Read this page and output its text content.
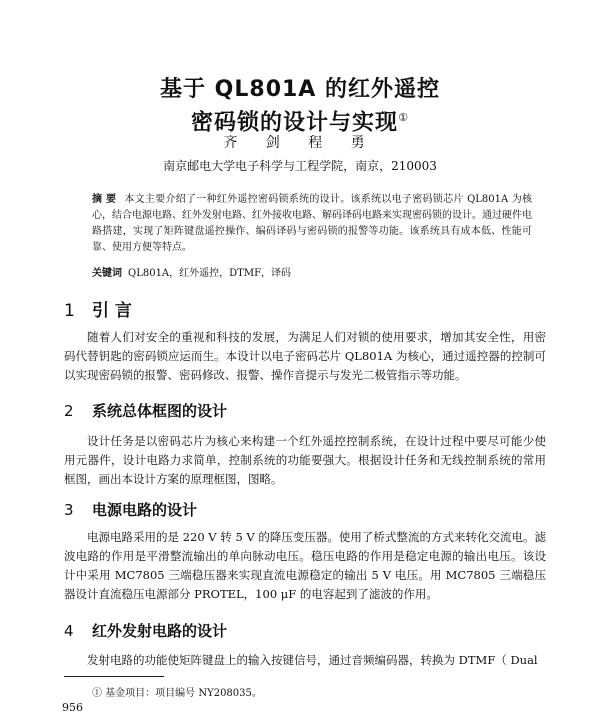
基于 QL801A 的红外遥控
密码锁的设计与实现①
齐 剑 程 勇
南京邮电大学电子科学与工程学院，南京，210003
摘 要 本文主要介绍了一种红外遥控密码锁系统的设计。该系统以电子密码锁芯片 QL801A 为核心，结合电源电路、红外发射电路、红外接收电路、解码译码电路来实现密码锁的设计。通过硬件电路搭建，实现了矩阵键盘遥控操作、编码译码与密码锁的报警等功能。该系统具有成本低、性能可靠、使用方便等特点。
关键词 QL801A，红外遥控，DTMF，译码
1 引 言
随着人们对安全的重视和科技的发展，为满足人们对锁的使用要求，增加其安全性，用密码代替钥匙的密码锁应运而生。本设计以电子密码芯片 QL801A 为核心，通过遥控器的控制可以实现密码锁的报警、密码修改、报警、操作音提示与发光二极管指示等功能。
2 系统总体框图的设计
设计任务是以密码芯片为核心来构建一个红外遥控控制系统，在设计过程中要尽可能少使用元器件，设计电路力求简单，控制系统的功能要强大。根据设计任务和无线控制系统的常用框图，画出本设计方案的原理框图，图略。
3 电源电路的设计
电源电路采用的是 220 V 转 5 V 的降压变压器。使用了桥式整流的方式来转化交流电。滤波电路的作用是平滑整流输出的单向脉动电压。稳压电路的作用是稳定电源的输出电压。该设计中采用 MC7805 三端稳压器来实现直流电源稳定的输出 5 V 电压。用 MC7805 三端稳压器设计直流稳压电源部分 PROTEL，100 μF 的电容起到了滤波的作用。
4 红外发射电路的设计
发射电路的功能使矩阵键盘上的输入按键信号，通过音频编码器，转换为 DTMF（ Dual
① 基金项目：项目编号 NY208035。
956
